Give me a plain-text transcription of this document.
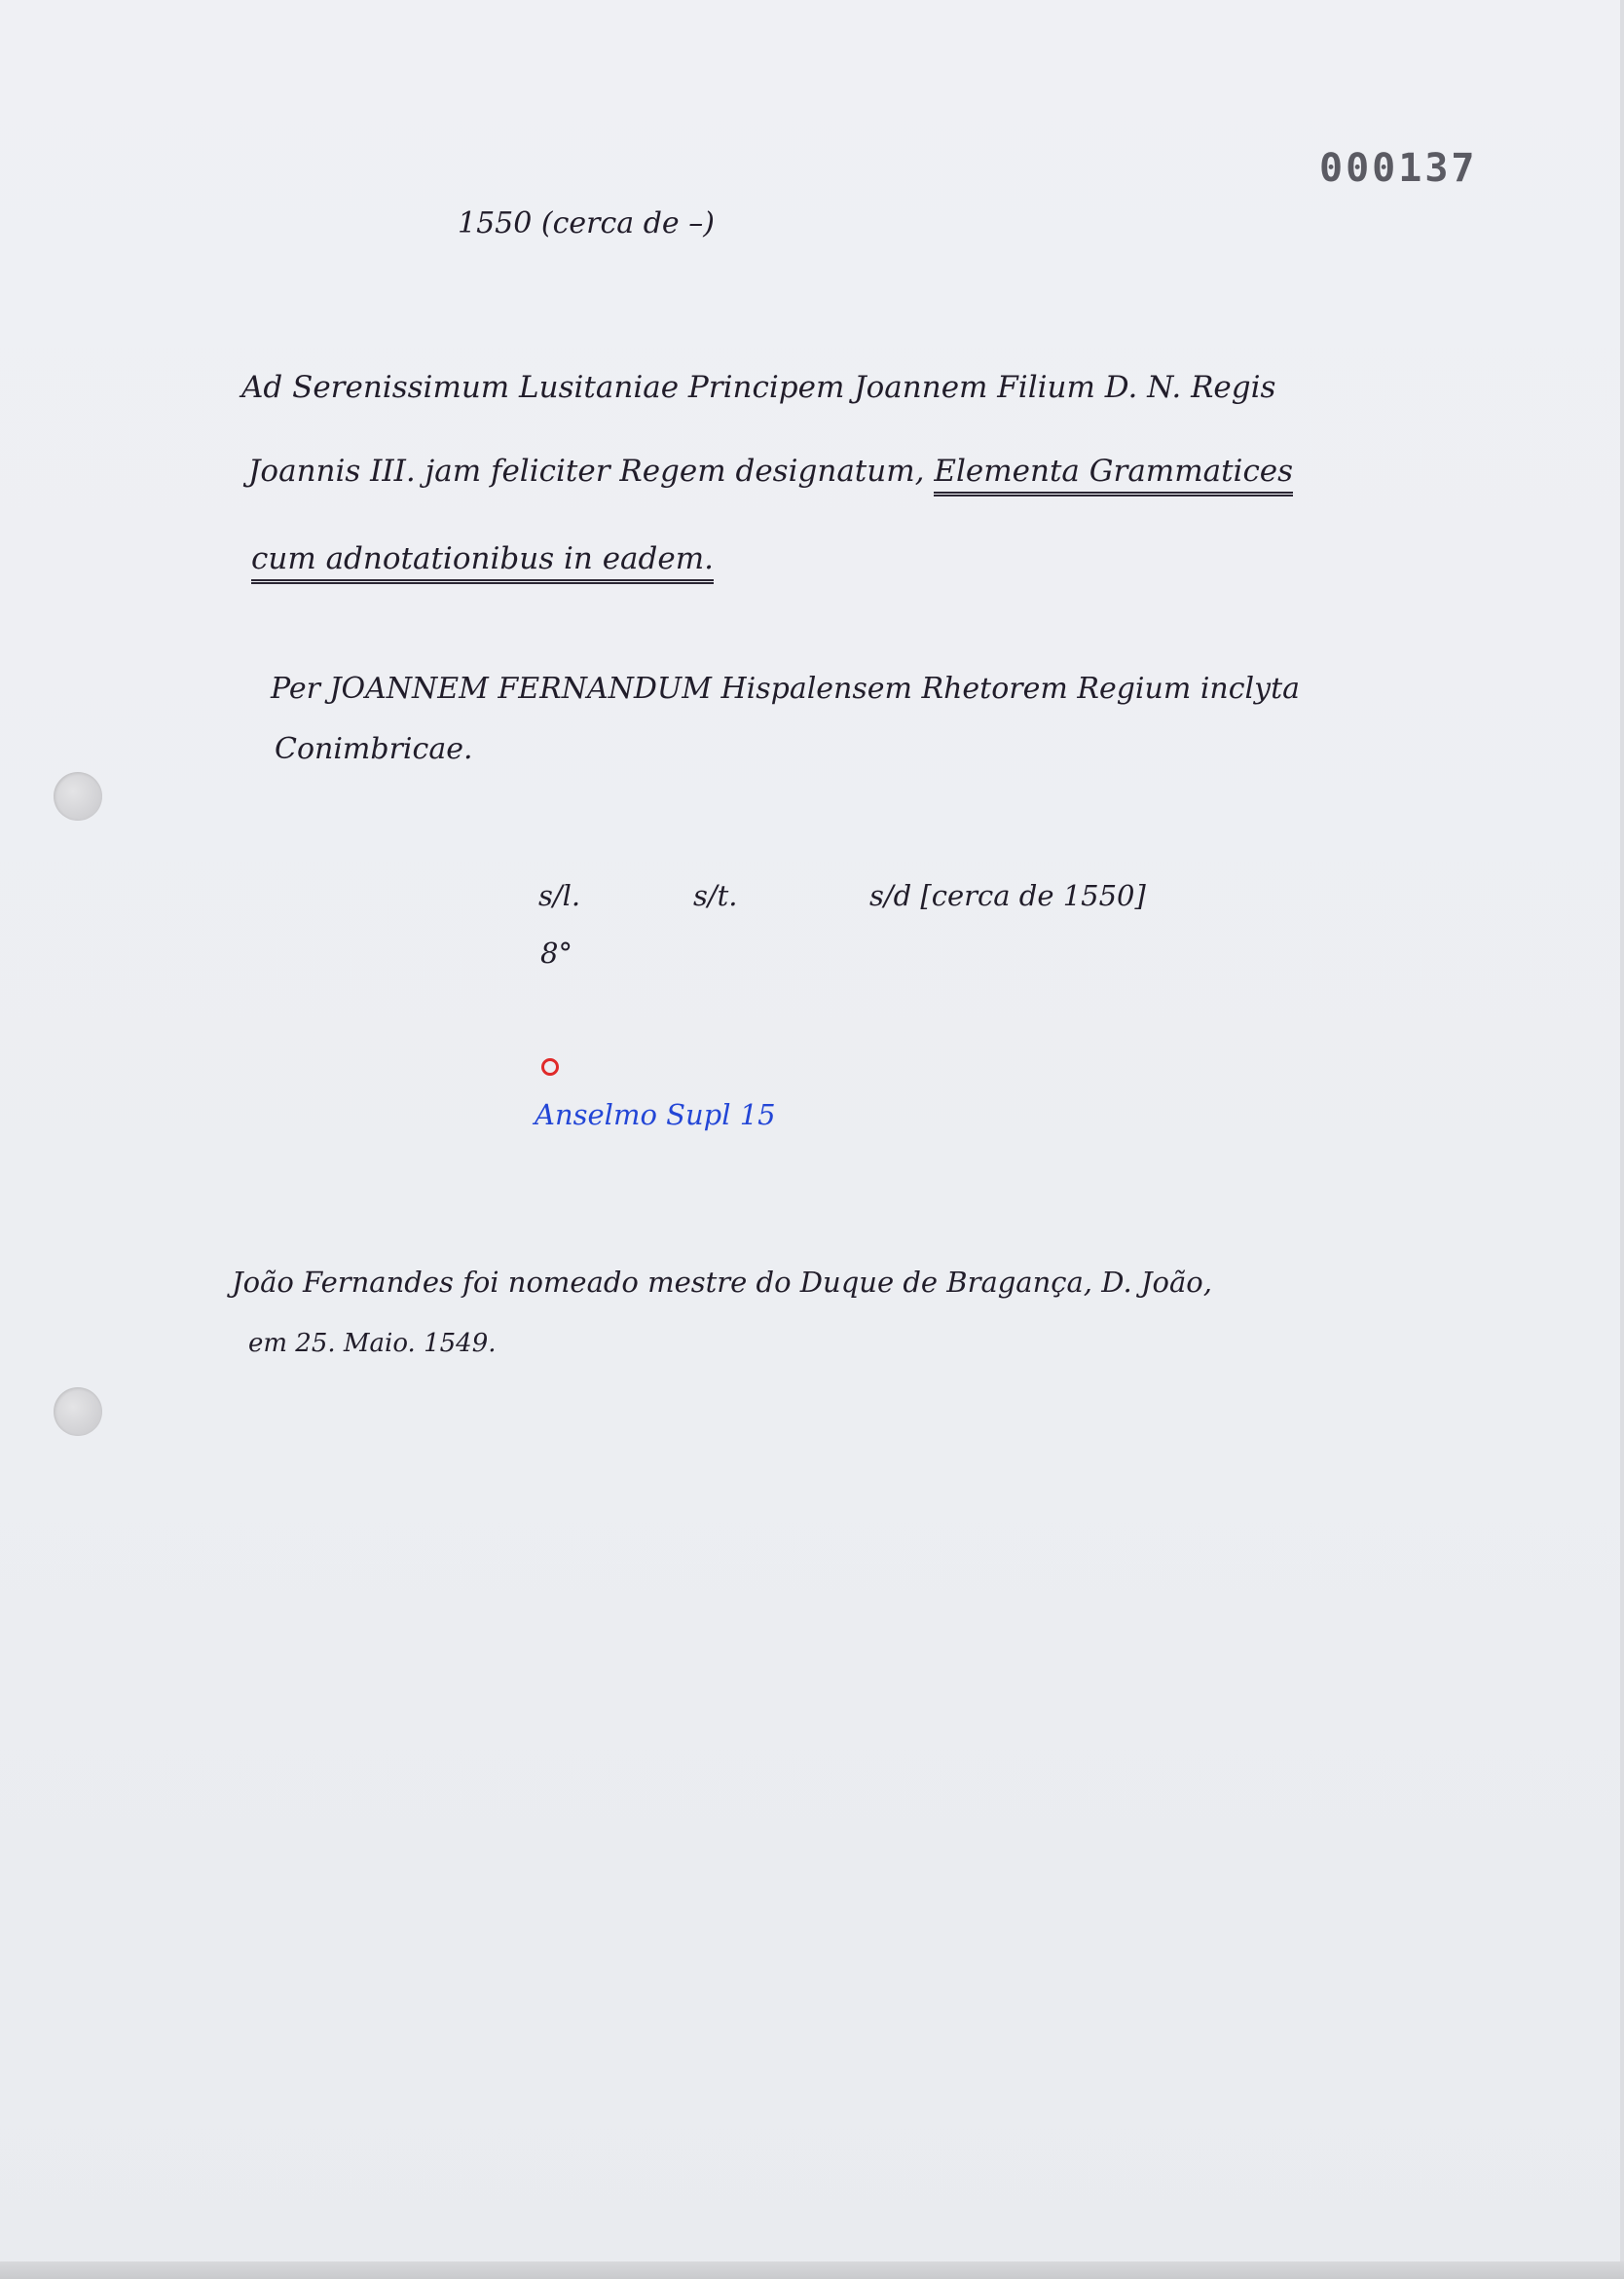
000137
1550 (cerca de –)
Ad Serenissimum Lusitaniae Principem Joannem Filium D. N. Regis
Joannis III. jam feliciter Regem designatum, Elementa Grammatices
cum adnotationibus in eadem.
Per JOANNEM FERNANDUM Hispalensem Rhetorem Regium inclyta
Conimbricae.
s/l.	s/t.	s/d [cerca de 1550]
8°
Anselmo Supl 15
João Fernandes foi nomeado mestre do Duque de Bragança, D. João,
em 25. Maio. 1549.
